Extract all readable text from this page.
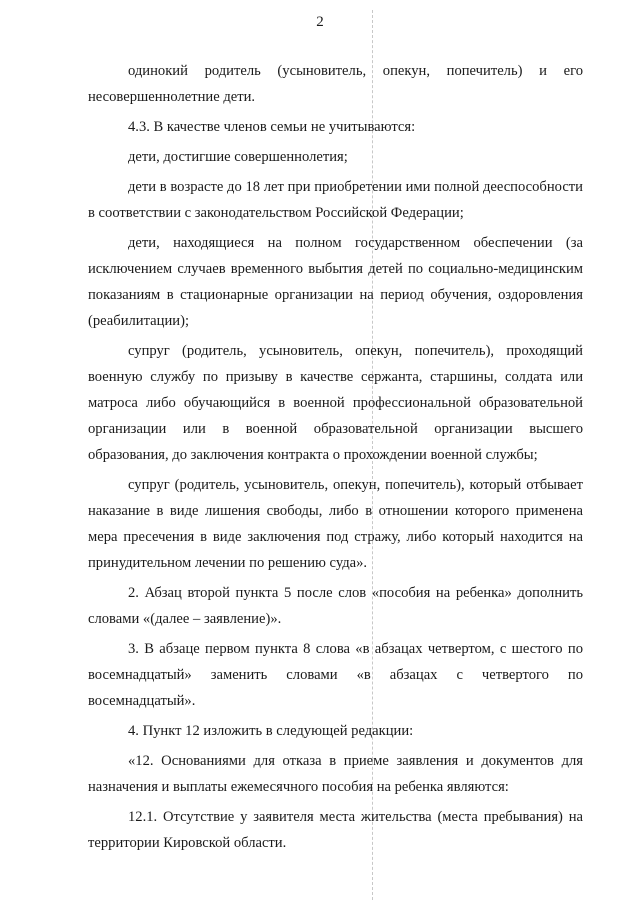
2

одинокий родитель (усыновитель, опекун, попечитель) и его несовершеннолетние дети.

4.3. В качестве членов семьи не учитываются:

дети, достигшие совершеннолетия;

дети в возрасте до 18 лет при приобретении ими полной дееспособности в соответствии с законодательством Российской Федерации;

дети, находящиеся на полном государственном обеспечении (за исключением случаев временного выбытия детей по социально-медицинским показаниям в стационарные организации на период обучения, оздоровления (реабилитации);

супруг (родитель, усыновитель, опекун, попечитель), проходящий военную службу по призыву в качестве сержанта, старшины, солдата или матроса либо обучающийся в военной профессиональной образовательной организации или в военной образовательной организации высшего образования, до заключения контракта о прохождении военной службы;

супруг (родитель, усыновитель, опекун, попечитель), который отбывает наказание в виде лишения свободы, либо в отношении которого применена мера пресечения в виде заключения под стражу, либо который находится на принудительном лечении по решению суда».

2. Абзац второй пункта 5 после слов «пособия на ребенка» дополнить словами «(далее – заявление)».

3. В абзаце первом пункта 8 слова «в абзацах четвертом, с шестого по восемнадцатый» заменить словами «в абзацах с четвертого по восемнадцатый».

4. Пункт 12 изложить в следующей редакции:

«12. Основаниями для отказа в приеме заявления и документов для назначения и выплаты ежемесячного пособия на ребенка являются:

12.1. Отсутствие у заявителя места жительства (места пребывания) на территории Кировской области.
